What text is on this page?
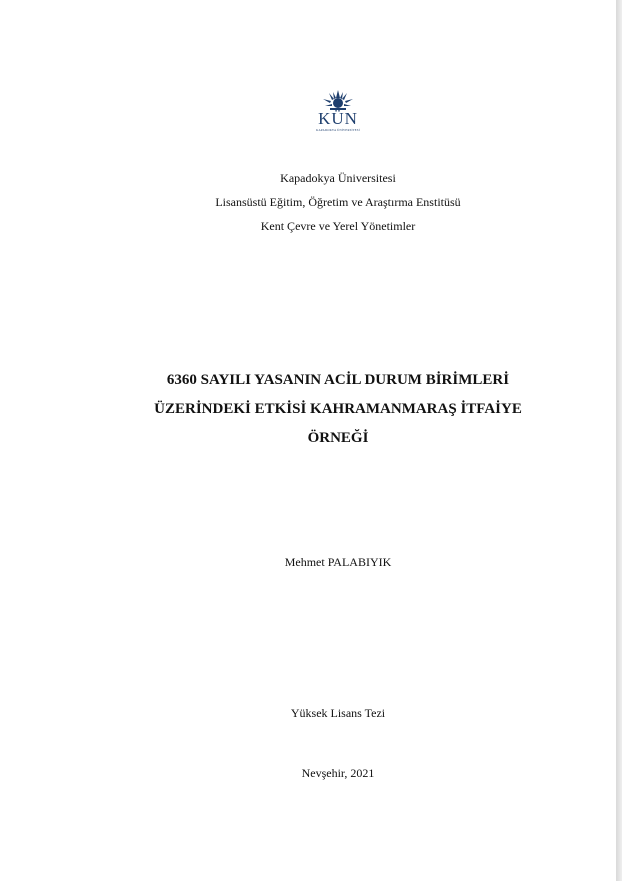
KÜN
KAPADOKYA ÜNİVERSİTESİ
Kapadokya Üniversitesi
Lisansüstü Eğitim, Öğretim ve Araştırma Enstitüsü
Kent Çevre ve Yerel Yönetimler
6360 SAYILI YASANIN ACİL DURUM BİRİMLERİ
ÜZERİNDEKİ ETKİSİ KAHRAMANMARAŞ İTFAİYE
ÖRNEĞİ
Mehmet PALABIYIK
Yüksek Lisans Tezi
Nevşehir, 2021
